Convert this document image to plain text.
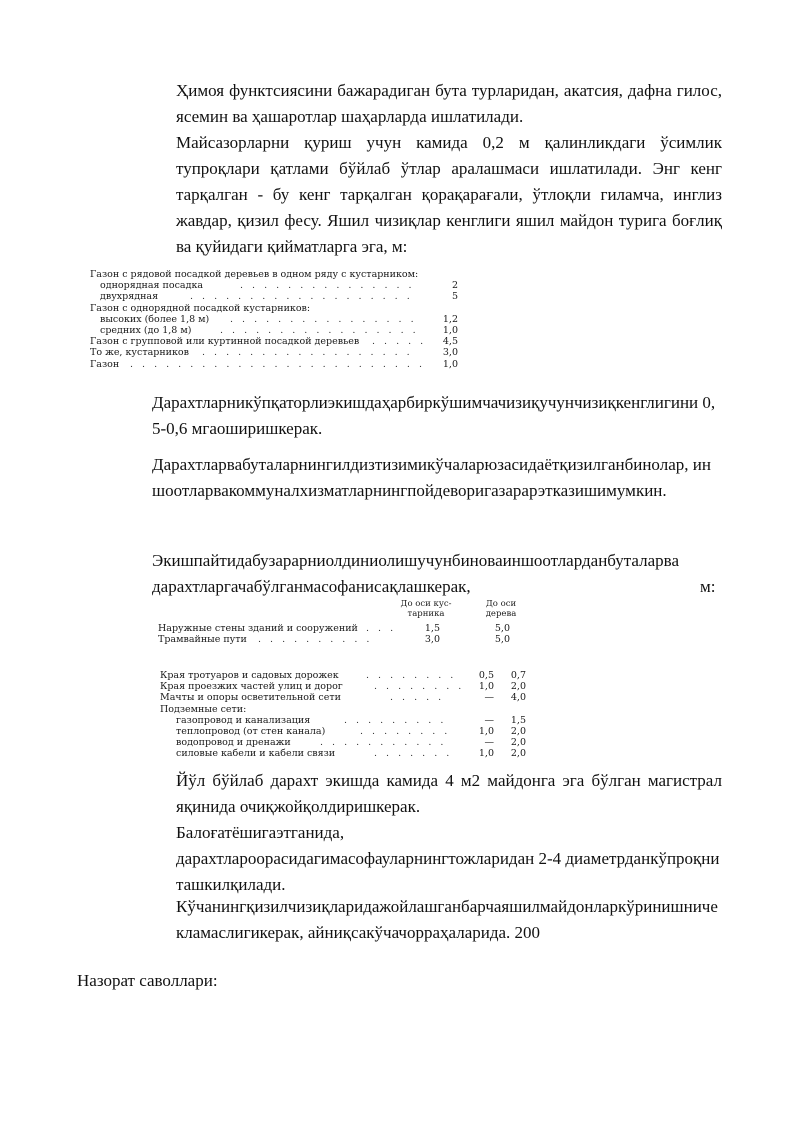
Ҳимоя функтсиясини бажарадиган бута турларидан, акатсия, дафна гилос, ясемин ва ҳашаротлар шаҳарларда ишлатилади.

Майсазорларни қуриш учун камида 0,2 м қалинликдаги ўсимлик тупроқлари қатлами бўйлаб ўтлар аралашмаси ишлатилади. Энг кенг тарқалган - бу кенг тарқалган қорақарағали, ўтлоқли гиламча, инглиз жавдар, қизил фесу. Яшил чизиқлар кенглиги яшил майдон турига боғлиқ ва қуйидаги қийматларга эга, м:

Газон с рядовой посадкой деревьев в одном ряду с кустарником:
однорядная посадка	. . . . . . . . . . . . . . .	2
двухрядная	. . . . . . . . . . . . . . . . . . .	5
Газон с однорядной посадкой кустарников:
высоких (более 1,8 м) . . . . . . . . . . . . . . . .	1,2
средних (до 1,8 м)	. . . . . . . . . . . . . . . . .	1,0
Газон с групповой или куртинной посадкой деревьев . . . . .	4,5
То же, кустарников . . . . . . . . . . . . . . . . . .	3,0
Газон . . . . . . . . . . . . . . . . . . . . . . . . .	1,0

Дарахтларникўпқаторлиэкишдаҳарбиркўшимчачизиқучунчизиқкенглигини 0,5-0,6 мгаоширишкерак.

Дарахтларвабуталарнингилдизтизимикўчаларюзасидаётқизилганбинолар, иншоотларвакоммуналхизматларнингпойдеворигазарарэтказишимумкин.

Экишпайтидабузарарниолдиниолишучунбиноваиншоотларданбуталарвадарахтларгачабўлганмасофанисақлашкерак,	м:
До оси кус-тарника
До оси дерева
Наружные стены зданий и сооружений . . .	1,5	5,0
Трамвайные пути . . . . . . . . . .	3,0	5,0
Края тротуаров и садовых дорожек	. . . . . . . .	0,5	0,7
Края проезжих частей улиц и дорог	. . . . . . . .	1,0	2,0
Мачты и опоры осветительной сети	. . . . .	—	4,0
Подземные сети:
газопровод и канализация	. . . . . . . . .	—	1,5
теплопровод (от стен канала)	. . . . . . . .	1,0	2,0
водопровод и дренажи	. . . . . . . . . . .	—	2,0
силовые кабели и кабели связи	. . . . . . .	1,0	2,0

Йўл бўйлаб дарахт экишда камида 4 м2 майдонга эга бўлган магистрал яқинида очиқжойқолдиришкерак.

Балоғатёшигаэтганида,

дарахтлароорасидагимасофауларнингтожларидан 2-4 диаметрданкўпроқниташкилқилади.

Кўчанингқизилчизиқларидажойлашганбарчаяшилмайдонларкўринишничекламаслигикерак, айниқсакўчачорраҳаларида. 200

Назорат саволлари:
